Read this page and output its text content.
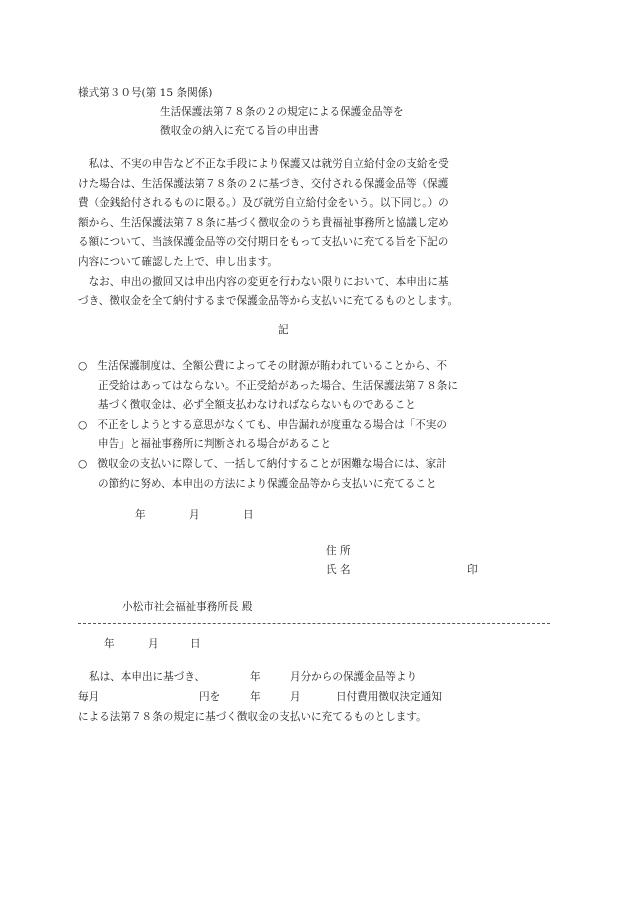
様式第３０号(第 15 条関係)
生活保護法第７８条の２の規定による保護金品等を
徴収金の納入に充てる旨の申出書
　私は、不実の申告など不正な手段により保護又は就労自立給付金の支給を受
けた場合は、生活保護法第７８条の２に基づき、交付される保護金品等（保護
費（金銭給付されるものに限る。）及び就労自立給付金をいう。以下同じ。）の
額から、生活保護法第７８条に基づく徴収金のうち貴福祉事務所と協議し定め
る額について、当該保護金品等の交付期日をもって支払いに充てる旨を下記の
内容について確認した上で、申し出ます。
　なお、申出の撤回又は申出内容の変更を行わない限りにおいて、本申出に基
づき、徴収金を全て納付するまで保護金品等から支払いに充てるものとします。
記
○ 生活保護制度は、全額公費によってその財源が賄われていることから、不
正受給はあってはならない。不正受給があった場合、生活保護法第７８条に
基づく徴収金は、必ず全額支払わなければならないものであること
○ 不正をしようとする意思がなくても、申告漏れが度重なる場合は「不実の
申告」と福祉事務所に判断される場合があること
○ 徴収金の支払いに際して、一括して納付することが困難な場合には、家計
の節約に努め、本申出の方法により保護金品等から支払いに充てること
年	月	日
住 所
氏 名	印
小松市社会福祉事務所長 殿
年	月	日
私は、本申出に基づき、	年	月分からの保護金品等より
毎月	円を	年	月	日付費用徴収決定通知
による法第７８条の規定に基づく徴収金の支払いに充てるものとします。
